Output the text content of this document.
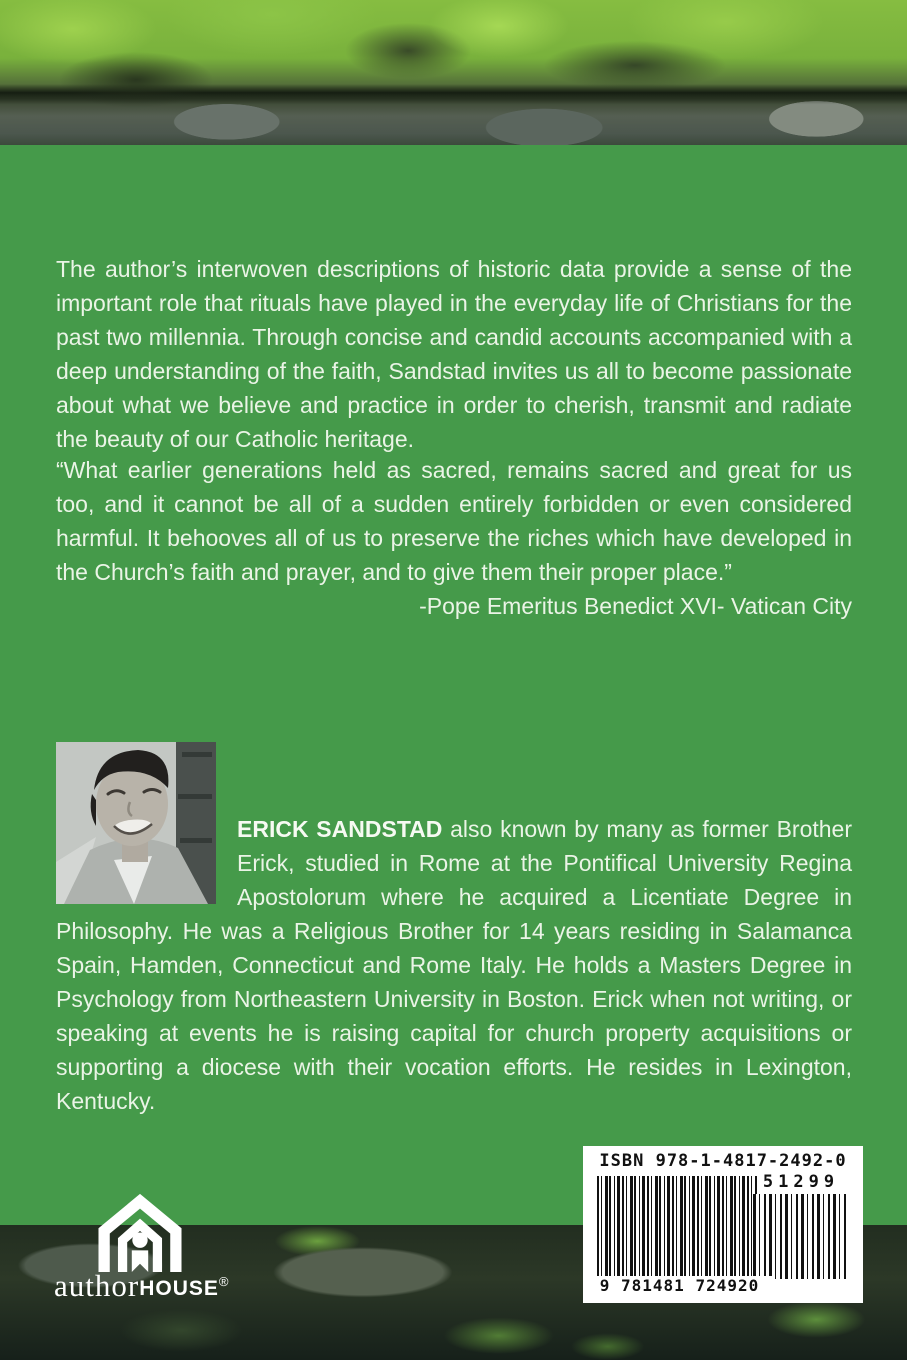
The author’s interwoven descriptions of historic data provide a sense of the important role that rituals have played in the everyday life of Christians for the past two millennia. Through concise and candid accounts accompanied with a deep understanding of the faith, Sandstad invites us all to become passionate about what we believe and practice in order to cherish, transmit and radiate the beauty of our Catholic heritage.
“What earlier generations held as sacred, remains sacred and great for us too, and it cannot be all of a sudden entirely forbidden or even considered harmful. It behooves all of us to preserve the riches which have developed in the Church’s faith and prayer, and to give them their proper place.”
-Pope Emeritus Benedict XVI- Vatican City

ERICK SANDSTAD also known by many as former Brother Erick, studied in Rome at the Pontifical University Regina Apostolorum where he acquired a Licentiate Degree in Philosophy. He was a Religious Brother for 14 years residing in Salamanca Spain, Hamden, Connecticut and Rome Italy. He holds a Masters Degree in Psychology from Northeastern University in Boston. Erick when not writing, or speaking at events he is raising capital for church property acquisitions or supporting a diocese with their vocation efforts. He resides in Lexington, Kentucky.

ISBN 978-1-4817-2492-0
51299
9 781481 724920
authorHOUSE®
